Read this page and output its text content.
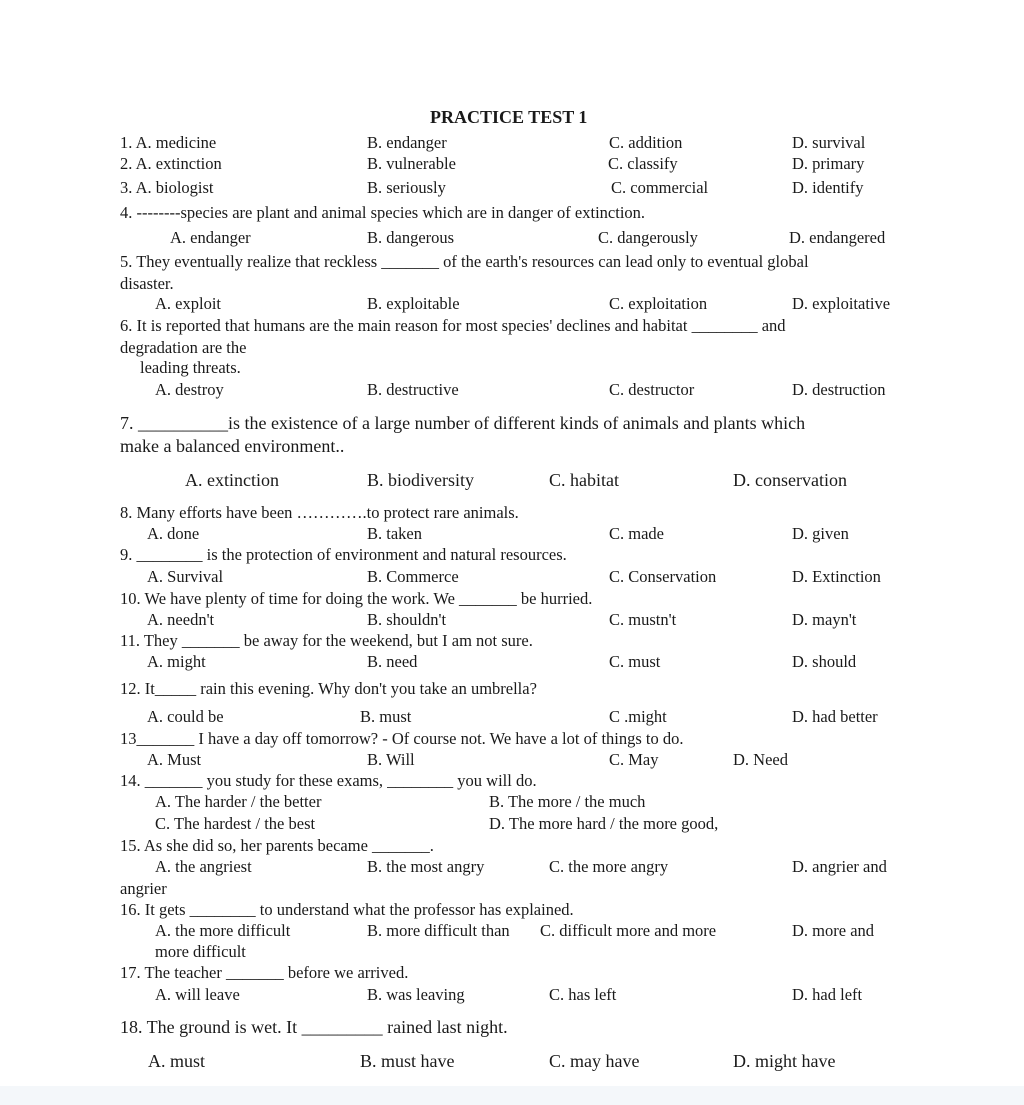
PRACTICE TEST 1
1. A. medicine	B. endanger	C. addition	D. survival
2. A. extinction	B. vulnerable	C. classify	D. primary
3. A. biologist	B. seriously	C. commercial	D. identify
4. --------species are plant and animal species which are in danger of extinction.
A. endanger	B. dangerous	C. dangerously	D. endangered
5. They eventually realize that reckless _______ of the earth's resources can lead only to eventual global
disaster.
A. exploit	B. exploitable	C. exploitation	D. exploitative
6. It is reported that humans are the main reason for most species' declines and habitat ________ and
degradation are the
leading threats.
A. destroy	B. destructive	C. destructor	D. destruction
7. __________is the existence of a large number of different kinds of animals and plants which
make a balanced environment..
A. extinction	B. biodiversity	C. habitat	D. conservation
8. Many efforts have been ………….to protect rare animals.
A. done	B. taken	C. made	D. given
9. ________ is the protection of environment and natural resources.
A. Survival	B. Commerce	C. Conservation	D. Extinction
10. We have plenty of time for doing the work. We _______ be hurried.
A. needn't	B. shouldn't	C. mustn't	D. mayn't
11. They _______ be away for the weekend, but I am not sure.
A. might	B. need	C. must	D. should
12. It_____ rain this evening. Why don't you take an umbrella?
A. could be	B. must	C .might	D. had better
13_______ I have a day off tomorrow? - Of course not. We have a lot of things to do.
A. Must	B. Will	C. May	D. Need
14. _______ you study for these exams, ________ you will do.
A. The harder / the better	B. The more / the much
C. The hardest / the best	D. The more hard / the more good,
15. As she did so, her parents became _______.
A. the angriest	B. the most angry	C. the more angry	D. angrier and
angrier
16. It gets ________ to understand what the professor has explained.
A. the more difficult	B. more difficult than C. difficult more and more	D. more and
more difficult
17. The teacher _______ before we arrived.
A. will leave	B. was leaving	C. has left	D. had left
18. The ground is wet. It _________ rained last night.
A. must	B. must have	C. may have	D. might have
